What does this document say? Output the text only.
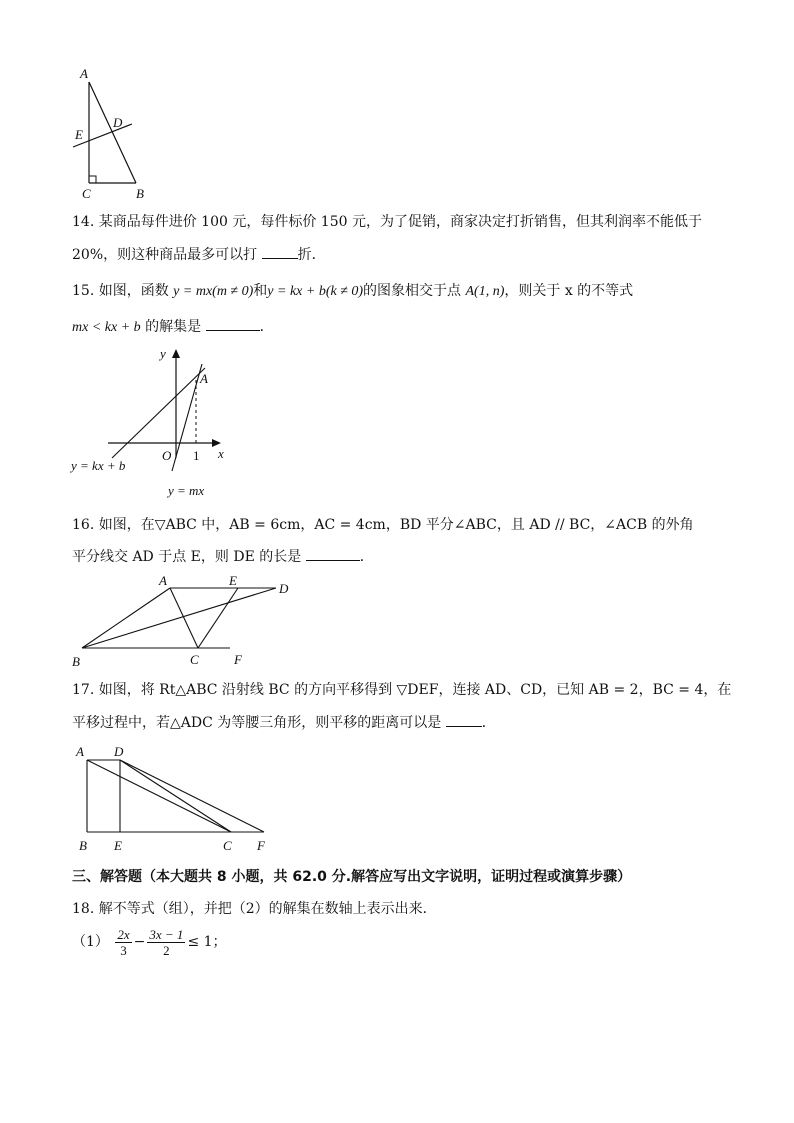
A
E
D
C	B
14. 某商品每件进价 100 元，每件标价 150 元，为了促销，商家决定打折销售，但其利润率不能低于
20%，则这种商品最多可以打	折．
15. 如图，函数 y = mx(m ≠ 0)和y = kx + b(k ≠ 0)的图象相交于点 A(1, n)，则关于 x 的不等式
mx < kx + b 的解集是	．
y
x
O 1
A
y = kx + b
y = mx
16. 如图，在▽ABC 中，AB = 6cm，AC = 4cm，BD 平分∠ABC，且 AD // BC，∠ACB 的外角
平分线交 AD 于点 E，则 DE 的长是	．
A	E
D
B	C	F
17. 如图，将 Rt△ABC 沿射线 BC 的方向平移得到 ▽DEF，连接 AD、CD，已知 AB = 2，BC = 4，在
平移过程中，若△ADC 为等腰三角形，则平移的距离可以是	．
A D
B E	C F
三、解答题（本大题共 8 小题，共 62.0 分.解答应写出文字说明，证明过程或演算步骤）
18. 解不等式（组），并把（2）的解集在数轴上表示出来．
$(1) \frac{2x}{3} - \frac{3x - 1}{2} \le 1$；
